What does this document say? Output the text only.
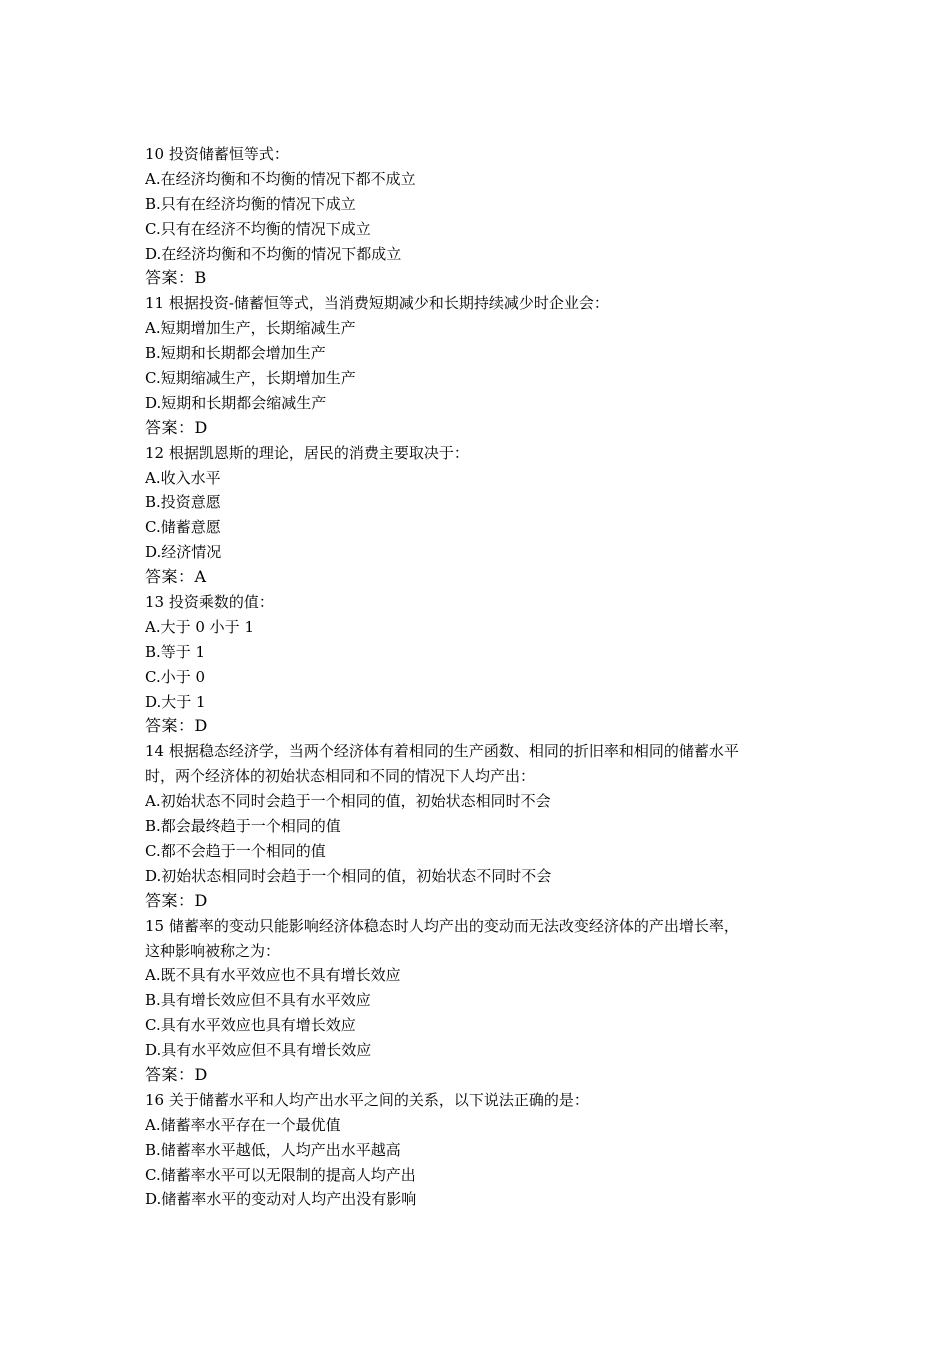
10 投资储蓄恒等式：
A.在经济均衡和不均衡的情况下都不成立
B.只有在经济均衡的情况下成立
C.只有在经济不均衡的情况下成立
D.在经济均衡和不均衡的情况下都成立
答案：B
11 根据投资-储蓄恒等式，当消费短期减少和长期持续减少时企业会：
A.短期增加生产，长期缩减生产
B.短期和长期都会增加生产
C.短期缩减生产，长期增加生产
D.短期和长期都会缩减生产
答案：D
12 根据凯恩斯的理论，居民的消费主要取决于：
A.收入水平
B.投资意愿
C.储蓄意愿
D.经济情况
答案：A
13 投资乘数的值：
A.大于 0 小于 1
B.等于 1
C.小于 0
D.大于 1
答案：D
14 根据稳态经济学，当两个经济体有着相同的生产函数、相同的折旧率和相同的储蓄水平
时，两个经济体的初始状态相同和不同的情况下人均产出：
A.初始状态不同时会趋于一个相同的值，初始状态相同时不会
B.都会最终趋于一个相同的值
C.都不会趋于一个相同的值
D.初始状态相同时会趋于一个相同的值，初始状态不同时不会
答案：D
15 储蓄率的变动只能影响经济体稳态时人均产出的变动而无法改变经济体的产出增长率，
这种影响被称之为：
A.既不具有水平效应也不具有增长效应
B.具有增长效应但不具有水平效应
C.具有水平效应也具有增长效应
D.具有水平效应但不具有增长效应
答案：D
16 关于储蓄水平和人均产出水平之间的关系，以下说法正确的是：
A.储蓄率水平存在一个最优值
B.储蓄率水平越低，人均产出水平越高
C.储蓄率水平可以无限制的提高人均产出
D.储蓄率水平的变动对人均产出没有影响
